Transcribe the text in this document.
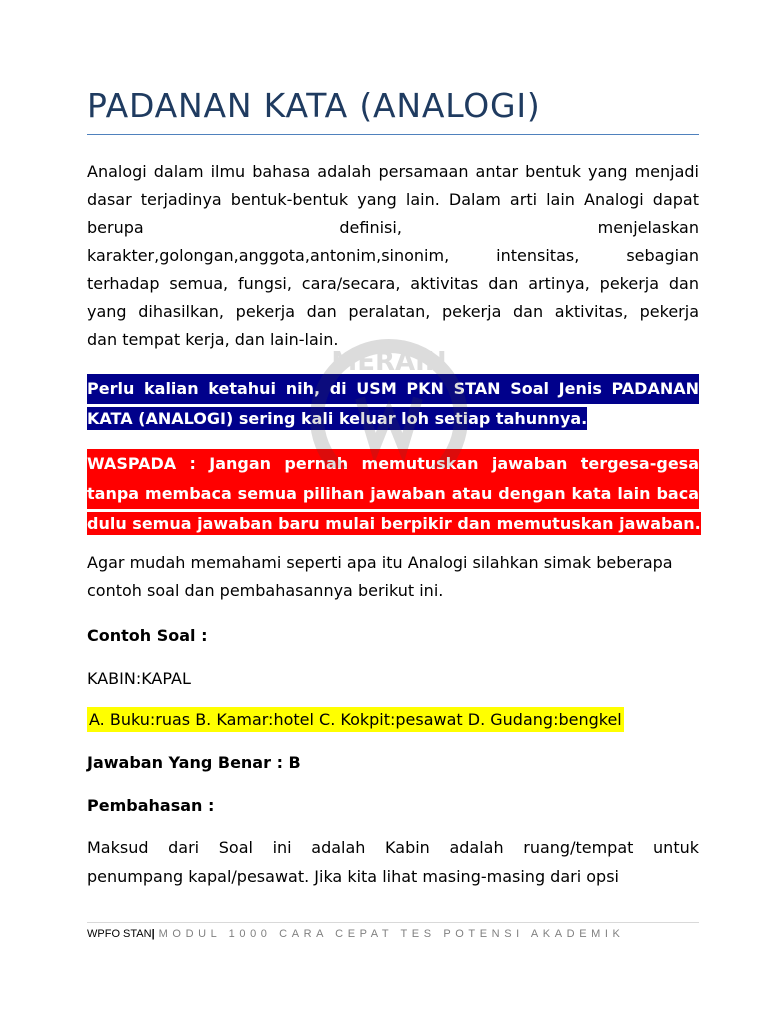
PADANAN KATA (ANALOGI)
Analogi dalam ilmu bahasa adalah persamaan antar bentuk yang menjadi
dasar terjadinya bentuk-bentuk yang lain. Dalam arti lain Analogi dapat
berupa definisi, menjelaskan
karakter,golongan,anggota,antonim,sinonim, intensitas, sebagian
terhadap semua, fungsi, cara/secara, aktivitas dan artinya, pekerja dan
yang dihasilkan, pekerja dan peralatan, pekerja dan aktivitas, pekerja
dan tempat kerja, dan lain-lain.
Perlu kalian ketahui nih, di USM PKN STAN Soal Jenis PADANAN
KATA (ANALOGI) sering kali keluar loh setiap tahunnya.
WASPADA : Jangan pernah memutuskan jawaban tergesa-gesa
tanpa membaca semua pilihan jawaban atau dengan kata lain baca
dulu semua jawaban baru mulai berpikir dan memutuskan jawaban.
Agar mudah memahami seperti apa itu Analogi silahkan simak beberapa
contoh soal dan pembahasannya berikut ini.
Contoh Soal :
KABIN:KAPAL
A. Buku:ruas B. Kamar:hotel C. Kokpit:pesawat D. Gudang:bengkel
Jawaban Yang Benar : B
Pembahasan :
Maksud dari Soal ini adalah Kabin adalah ruang/tempat untuk
penumpang kapal/pesawat. Jika kita lihat masing-masing dari opsi
MERAIH
WPFO STAN| MODUL 1000 CARA CEPAT TES POTENSI AKADEMIK
